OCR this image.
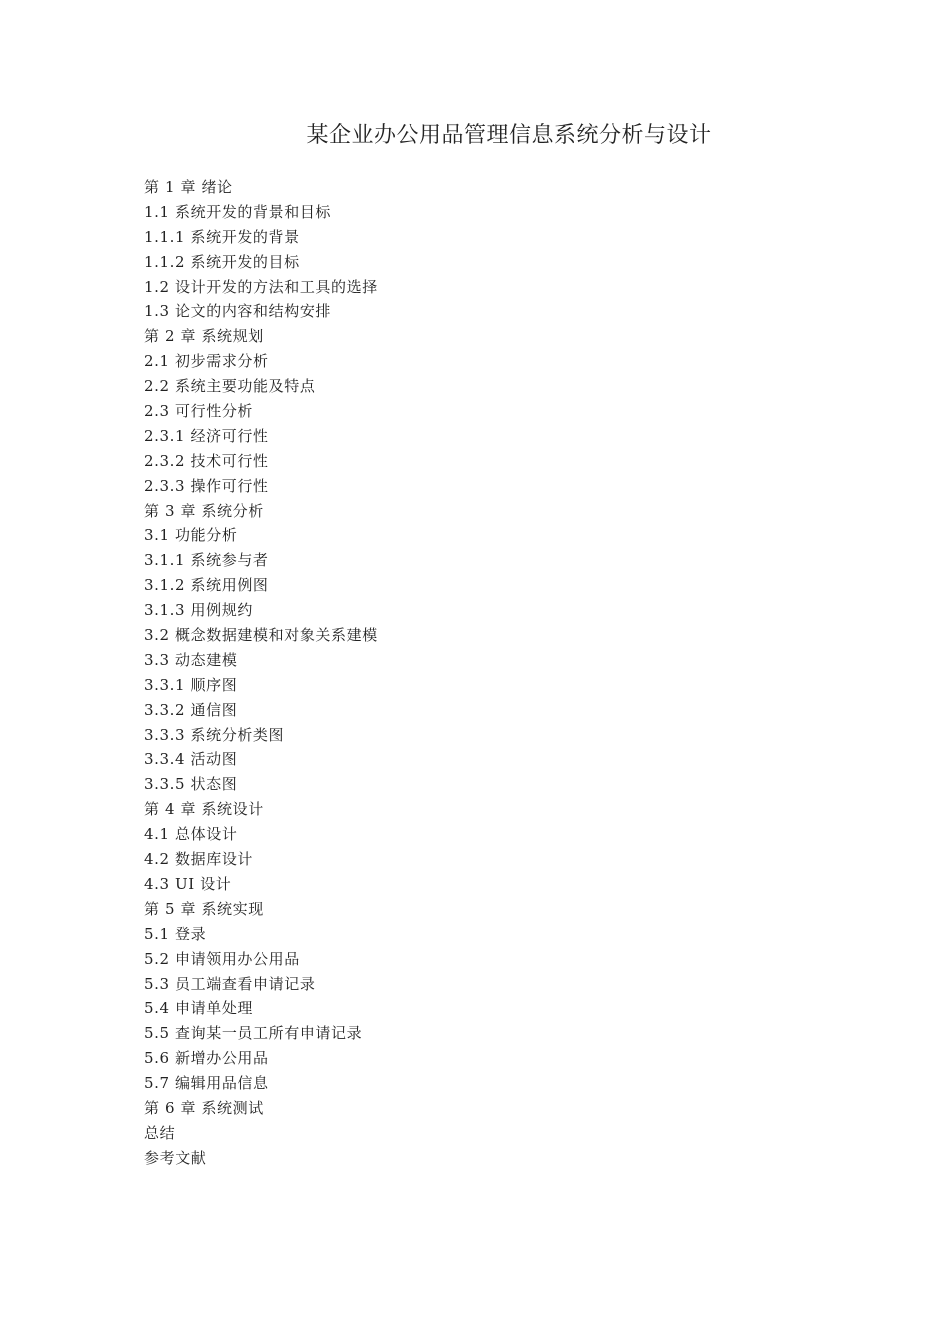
某企业办公用品管理信息系统分析与设计
第 1 章 绪论
1.1 系统开发的背景和目标
1.1.1 系统开发的背景
1.1.2 系统开发的目标
1.2 设计开发的方法和工具的选择
1.3 论文的内容和结构安排
第 2 章 系统规划
2.1 初步需求分析
2.2 系统主要功能及特点
2.3 可行性分析
2.3.1 经济可行性
2.3.2 技术可行性
2.3.3 操作可行性
第 3 章 系统分析
3.1 功能分析
3.1.1 系统参与者
3.1.2 系统用例图
3.1.3 用例规约
3.2 概念数据建模和对象关系建模
3.3 动态建模
3.3.1 顺序图
3.3.2 通信图
3.3.3 系统分析类图
3.3.4 活动图
3.3.5 状态图
第 4 章 系统设计
4.1 总体设计
4.2 数据库设计
4.3 UI 设计
第 5 章 系统实现
5.1 登录
5.2 申请领用办公用品
5.3 员工端查看申请记录
5.4 申请单处理
5.5 查询某一员工所有申请记录
5.6 新增办公用品
5.7 编辑用品信息
第 6 章 系统测试
总结
参考文献
